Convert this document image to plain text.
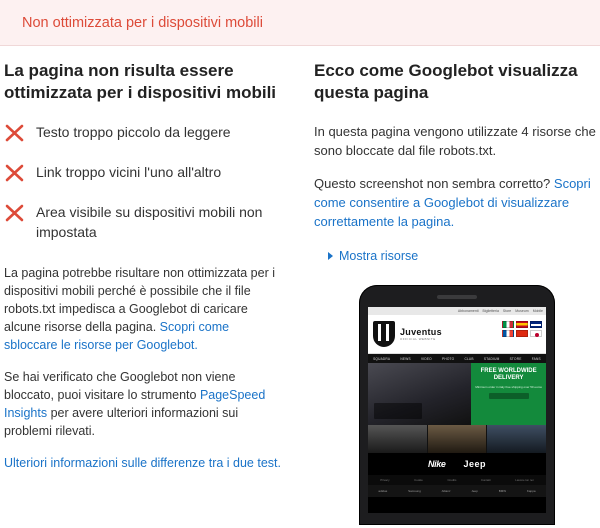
Non ottimizzata per i dispositivi mobili
La pagina non risulta essere ottimizzata per i dispositivi mobili
Testo troppo piccolo da leggere
Link troppo vicini l'uno all'altro
Area visibile su dispositivi mobili non impostata

La pagina potrebbe risultare non ottimizzata per i dispositivi mobili perché è possibile che il file robots.txt impedisca a Googlebot di caricare alcune risorse della pagina. Scopri come sbloccare le risorse per Googlebot.

Se hai verificato che Googlebot non viene bloccato, puoi visitare lo strumento PageSpeed Insights per avere ulteriori informazioni sui problemi rilevati.

Ulteriori informazioni sulle differenze tra i due test.

Ecco come Googlebot visualizza questa pagina

In questa pagina vengono utilizzate 4 risorse che sono bloccate dal file robots.txt.

Questo screenshot non sembra corretto? Scopri come consentire a Googlebot di visualizzare correttamente la pagina.

Mostra risorse
Abbonamenti Biglietteria Store Museum Mobile
Juventus
OFFICIAL WEBSITE
SQUADRA	NEWS	VIDEO	PHOTO	CLUB	STADIUM	STORE	FANS
FREE WORLDWIDE DELIVERY
Minimum order in italy free shipping over 50 euros
Nike Jeep
Privacy	Cookie	Credits	Contatti	Lavora con noi
adidas	Samsung	Allianz	Jeep	BMW	Kappa
